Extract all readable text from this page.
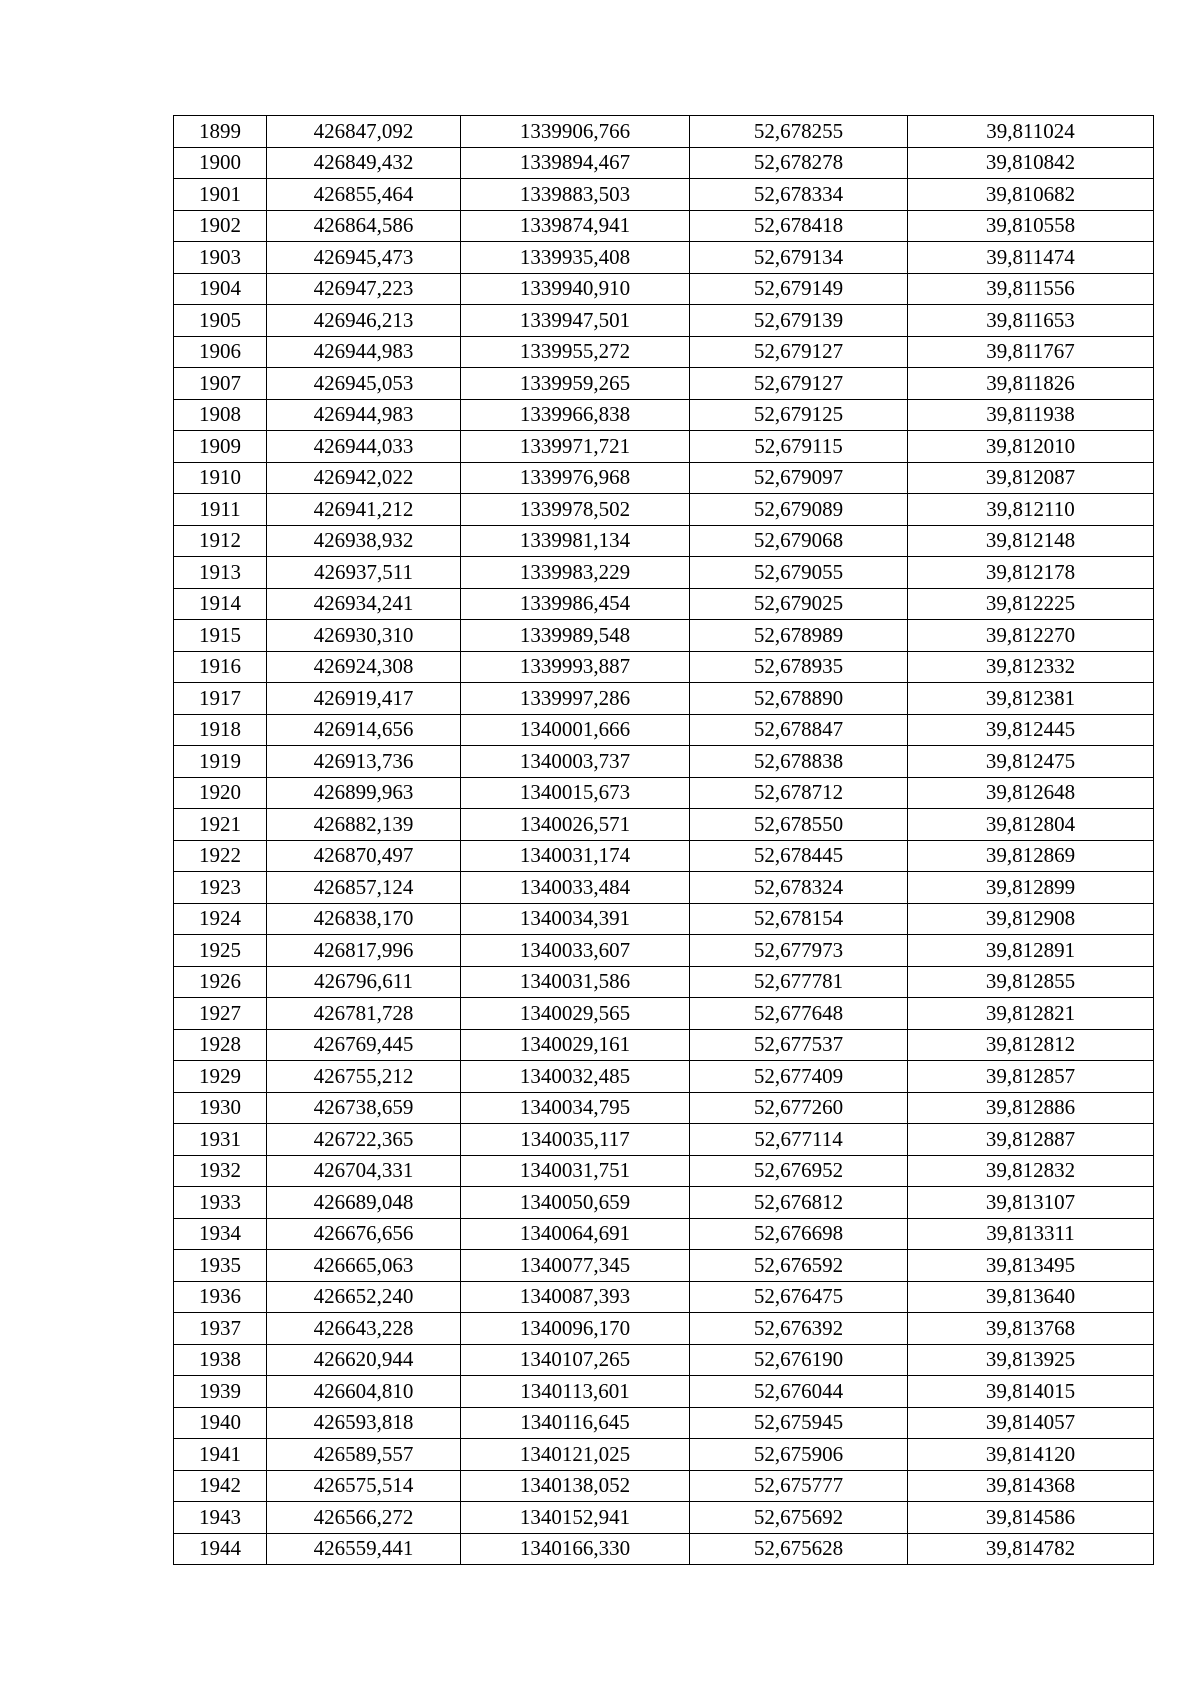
1899	426847,092	1339906,766	52,678255	39,811024
1900	426849,432	1339894,467	52,678278	39,810842
1901	426855,464	1339883,503	52,678334	39,810682
1902	426864,586	1339874,941	52,678418	39,810558
1903	426945,473	1339935,408	52,679134	39,811474
1904	426947,223	1339940,910	52,679149	39,811556
1905	426946,213	1339947,501	52,679139	39,811653
1906	426944,983	1339955,272	52,679127	39,811767
1907	426945,053	1339959,265	52,679127	39,811826
1908	426944,983	1339966,838	52,679125	39,811938
1909	426944,033	1339971,721	52,679115	39,812010
1910	426942,022	1339976,968	52,679097	39,812087
1911	426941,212	1339978,502	52,679089	39,812110
1912	426938,932	1339981,134	52,679068	39,812148
1913	426937,511	1339983,229	52,679055	39,812178
1914	426934,241	1339986,454	52,679025	39,812225
1915	426930,310	1339989,548	52,678989	39,812270
1916	426924,308	1339993,887	52,678935	39,812332
1917	426919,417	1339997,286	52,678890	39,812381
1918	426914,656	1340001,666	52,678847	39,812445
1919	426913,736	1340003,737	52,678838	39,812475
1920	426899,963	1340015,673	52,678712	39,812648
1921	426882,139	1340026,571	52,678550	39,812804
1922	426870,497	1340031,174	52,678445	39,812869
1923	426857,124	1340033,484	52,678324	39,812899
1924	426838,170	1340034,391	52,678154	39,812908
1925	426817,996	1340033,607	52,677973	39,812891
1926	426796,611	1340031,586	52,677781	39,812855
1927	426781,728	1340029,565	52,677648	39,812821
1928	426769,445	1340029,161	52,677537	39,812812
1929	426755,212	1340032,485	52,677409	39,812857
1930	426738,659	1340034,795	52,677260	39,812886
1931	426722,365	1340035,117	52,677114	39,812887
1932	426704,331	1340031,751	52,676952	39,812832
1933	426689,048	1340050,659	52,676812	39,813107
1934	426676,656	1340064,691	52,676698	39,813311
1935	426665,063	1340077,345	52,676592	39,813495
1936	426652,240	1340087,393	52,676475	39,813640
1937	426643,228	1340096,170	52,676392	39,813768
1938	426620,944	1340107,265	52,676190	39,813925
1939	426604,810	1340113,601	52,676044	39,814015
1940	426593,818	1340116,645	52,675945	39,814057
1941	426589,557	1340121,025	52,675906	39,814120
1942	426575,514	1340138,052	52,675777	39,814368
1943	426566,272	1340152,941	52,675692	39,814586
1944	426559,441	1340166,330	52,675628	39,814782
